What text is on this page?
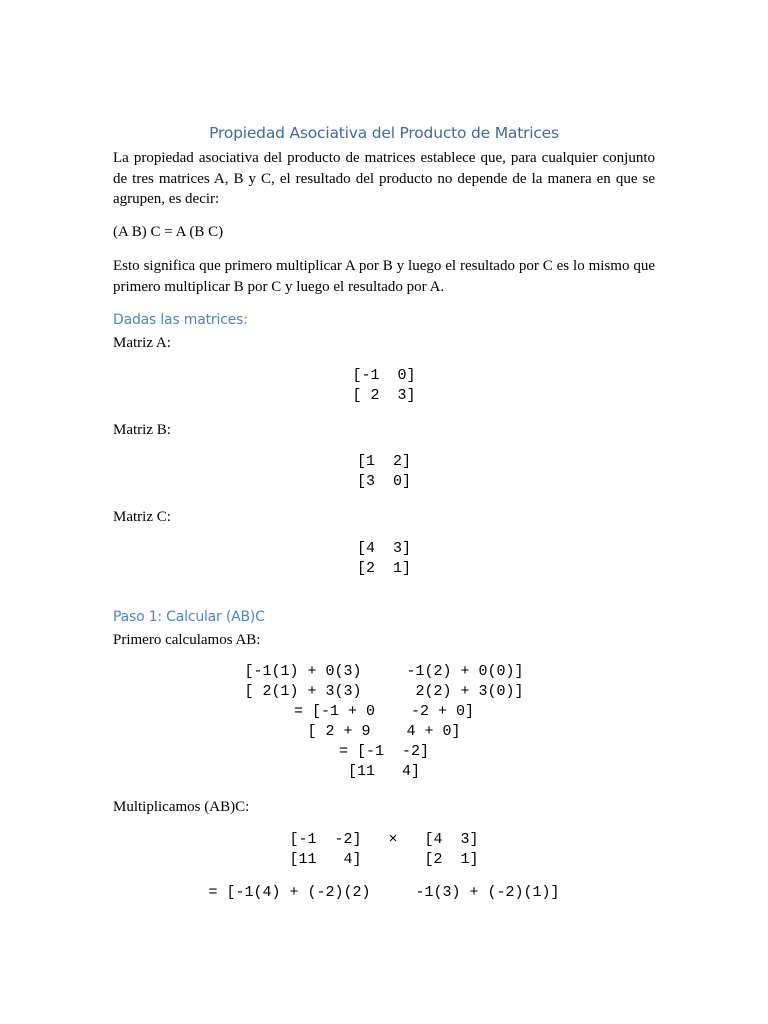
Propiedad Asociativa del Producto de Matrices

La propiedad asociativa del producto de matrices establece que, para cualquier conjunto de tres matrices A, B y C, el resultado del producto no depende de la manera en que se agrupen, es decir:

(A B) C = A (B C)

Esto significa que primero multiplicar A por B y luego el resultado por C es lo mismo que primero multiplicar B por C y luego el resultado por A.

Dadas las matrices:
Matriz A:
[-1  0]
[ 2  3]
Matriz B:
[1  2]
[3  0]
Matriz C:
[4  3]
[2  1]
Paso 1: Calcular (AB)C
Primero calculamos AB:
[-1(1) + 0(3)     -1(2) + 0(0)]
[ 2(1) + 3(3)      2(2) + 3(0)]
= [-1 + 0    -2 + 0]
[ 2 + 9    4 + 0]
= [-1  -2]
[11   4]
Multiplicamos (AB)C:
[-1  -2]   ×   [4  3]
[11   4]       [2  1]
= [-1(4) + (-2)(2)     -1(3) + (-2)(1)]
